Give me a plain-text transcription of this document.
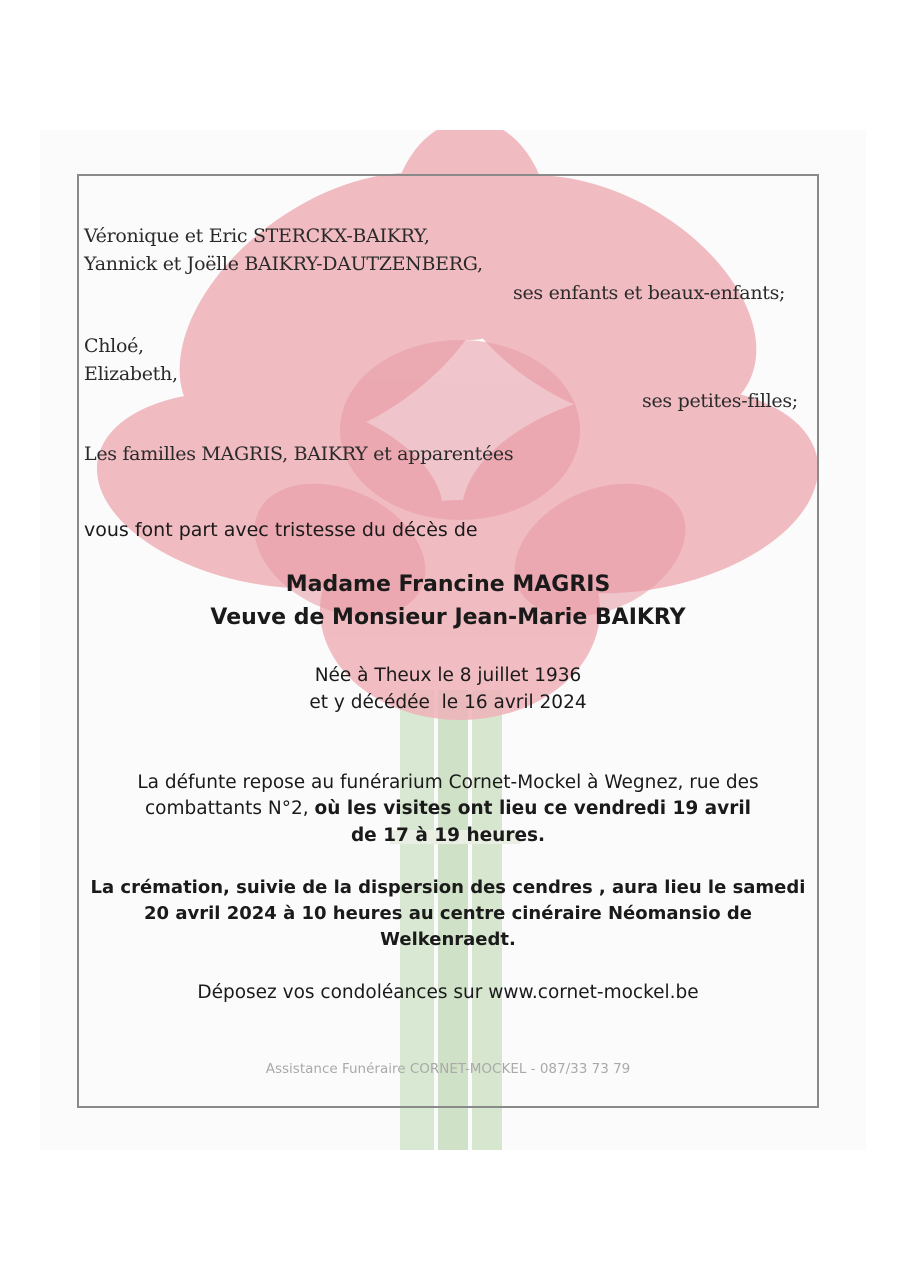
Véronique et Eric STERCKX-BAIKRY,
Yannick et Joëlle BAIKRY-DAUTZENBERG,
ses enfants et beaux-enfants;
Chloé,
Elizabeth,
ses petites-filles;
Les familles MAGRIS, BAIKRY et apparentées
vous font part avec tristesse du décès de
Madame Francine MAGRIS
Veuve de Monsieur Jean-Marie BAIKRY
Née à Theux le 8 juillet 1936
et y décédée  le 16 avril 2024
La défunte repose au funérarium Cornet-Mockel à Wegnez, rue des
combattants N°2, où les visites ont lieu ce vendredi 19 avril
de 17 à 19 heures.
La crémation, suivie de la dispersion des cendres , aura lieu le samedi
20 avril 2024 à 10 heures au centre cinéraire Néomansio de
Welkenraedt.
Déposez vos condoléances sur www.cornet-mockel.be
Assistance Funéraire CORNET-MOCKEL - 087/33 73 79
